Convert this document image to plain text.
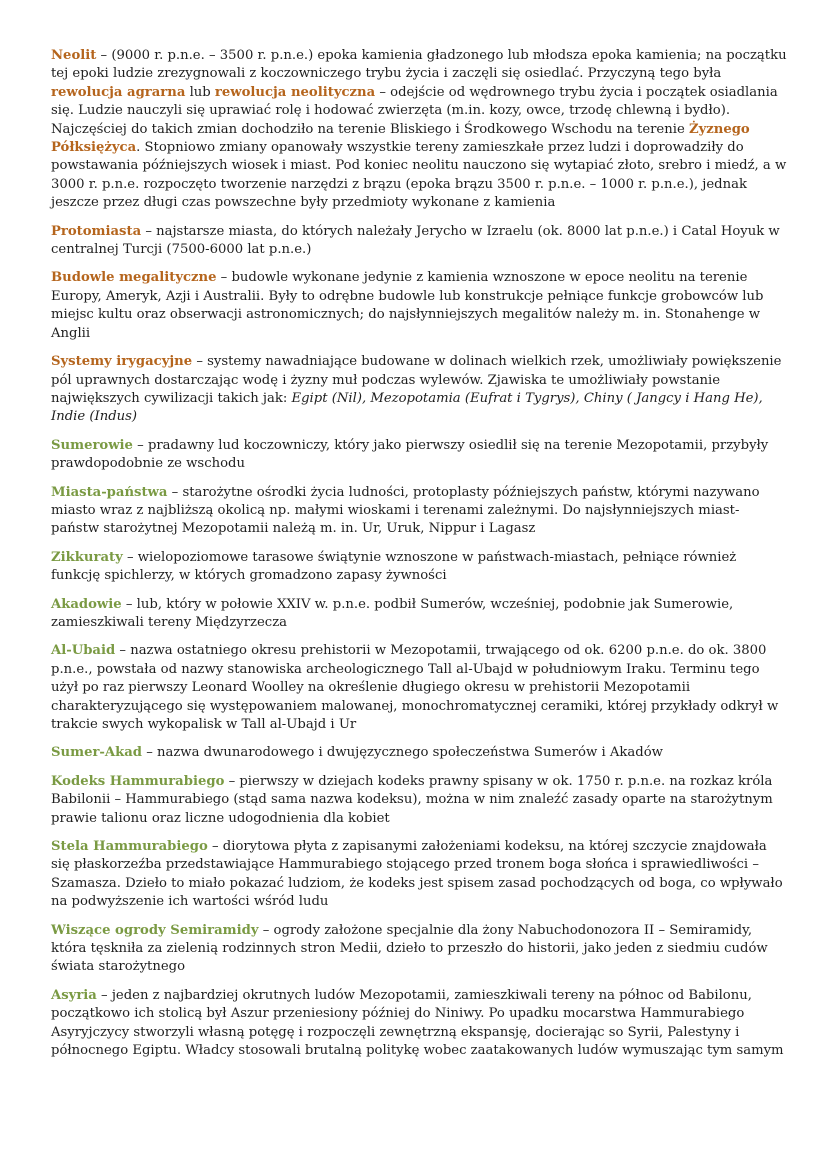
Neolit – (9000 r. p.n.e. – 3500 r. p.n.e.) epoka kamienia gładzonego lub młodsza epoka kamienia; na początku tej epoki ludzie zrezygnowali z koczowniczego trybu życia i zaczęli się osiedlać. Przyczyną tego była rewolucja agrarna lub rewolucja neolityczna – odejście od wędrownego trybu życia i początek osiadlania się. Ludzie nauczyli się uprawiać rolę i hodować zwierzęta (m.in. kozy, owce, trzodę chlewną i bydło). Najczęściej do takich zmian dochodziło na terenie Bliskiego i Środkowego Wschodu na terenie Żyznego Półksiężyca. Stopniowo zmiany opanowały wszystkie tereny zamieszkałe przez ludzi i doprowadziły do powstawania późniejszych wiosek i miast. Pod koniec neolitu nauczono się wytapiać złoto, srebro i miedź, a w 3000 r. p.n.e. rozpoczęto tworzenie narzędzi z brązu (epoka brązu 3500 r. p.n.e. – 1000 r. p.n.e.), jednak jeszcze przez długi czas powszechne były przedmioty wykonane z kamienia

Protomiasta – najstarsze miasta, do których należały Jerycho w Izraelu (ok. 8000 lat p.n.e.) i Catal Hoyuk w centralnej Turcji (7500-6000 lat p.n.e.)

Budowle megalityczne – budowle wykonane jedynie z kamienia wznoszone w epoce neolitu na terenie Europy, Ameryk, Azji i Australii. Były to odrębne budowle lub konstrukcje pełniące funkcje grobowców lub miejsc kultu oraz obserwacji astronomicznych; do najsłynniejszych megalitów należy m. in. Stonahenge w Anglii

Systemy irygacyjne – systemy nawadniające budowane w dolinach wielkich rzek, umożliwiały powiększenie pól uprawnych dostarczając wodę i żyzny muł podczas wylewów. Zjawiska te umożliwiały powstanie największych cywilizacji takich jak: Egipt (Nil), Mezopotamia (Eufrat i Tygrys), Chiny ( Jangcy i Hang He), Indie (Indus)

Sumerowie – pradawny lud koczowniczy, który jako pierwszy osiedlił się na terenie Mezopotamii, przybyły prawdopodobnie ze wschodu

Miasta-państwa – starożytne ośrodki życia ludności, protoplasty późniejszych państw, którymi nazywano miasto wraz z najbliższą okolicą np. małymi wioskami i terenami zależnymi. Do najsłynniejszych miast-państw starożytnej Mezopotamii należą m. in. Ur, Uruk, Nippur i Lagasz

Zikkuraty – wielopoziomowe tarasowe świątynie wznoszone w państwach-miastach, pełniące również funkcję spichlerzy, w których gromadzono zapasy żywności

Akadowie – lub, który w połowie XXIV w. p.n.e. podbił Sumerów, wcześniej, podobnie jak Sumerowie, zamieszkiwali tereny Międzyrzecza

Al-Ubaid – nazwa ostatniego okresu prehistorii w Mezopotamii, trwającego od ok. 6200 p.n.e. do ok. 3800 p.n.e., powstała od nazwy stanowiska archeologicznego Tall al-Ubajd w południowym Iraku. Terminu tego użył po raz pierwszy Leonard Woolley na określenie długiego okresu w prehistorii Mezopotamii charakteryzującego się występowaniem malowanej, monochromatycznej ceramiki, której przykłady odkrył w trakcie swych wykopalisk w Tall al-Ubajd i Ur

Sumer-Akad – nazwa dwunarodowego i dwujęzycznego społeczeństwa Sumerów i Akadów

Kodeks Hammurabiego – pierwszy w dziejach kodeks prawny spisany w ok. 1750 r. p.n.e. na rozkaz króla Babilonii – Hammurabiego (stąd sama nazwa kodeksu), można w nim znaleźć zasady oparte na starożytnym prawie talionu oraz liczne udogodnienia dla kobiet

Stela Hammurabiego – diorytowa płyta z zapisanymi założeniami kodeksu, na której szczycie znajdowała się płaskorzeźba przedstawiające Hammurabiego stojącego przed tronem boga słońca i sprawiedliwości – Szamasza. Dzieło to miało pokazać ludziom, że kodeks jest spisem zasad pochodzących od boga, co wpływało na podwyższenie ich wartości wśród ludu

Wiszące ogrody Semiramidy – ogrody założone specjalnie dla żony Nabuchodonozora II – Semiramidy, która tęskniła za zielenią rodzinnych stron Medii, dzieło to przeszło do historii, jako jeden z siedmiu cudów świata starożytnego

Asyria – jeden z najbardziej okrutnych ludów Mezopotamii, zamieszkiwali tereny na północ od Babilonu, początkowo ich stolicą był Aszur przeniesiony później do Niniwy. Po upadku mocarstwa Hammurabiego Asyryjczycy stworzyli własną potęgę i rozpoczęli zewnętrzną ekspansję, docierając so Syrii, Palestyny i północnego Egiptu. Władcy stosowali brutalną politykę wobec zaatakowanych ludów wymuszając tym samym
